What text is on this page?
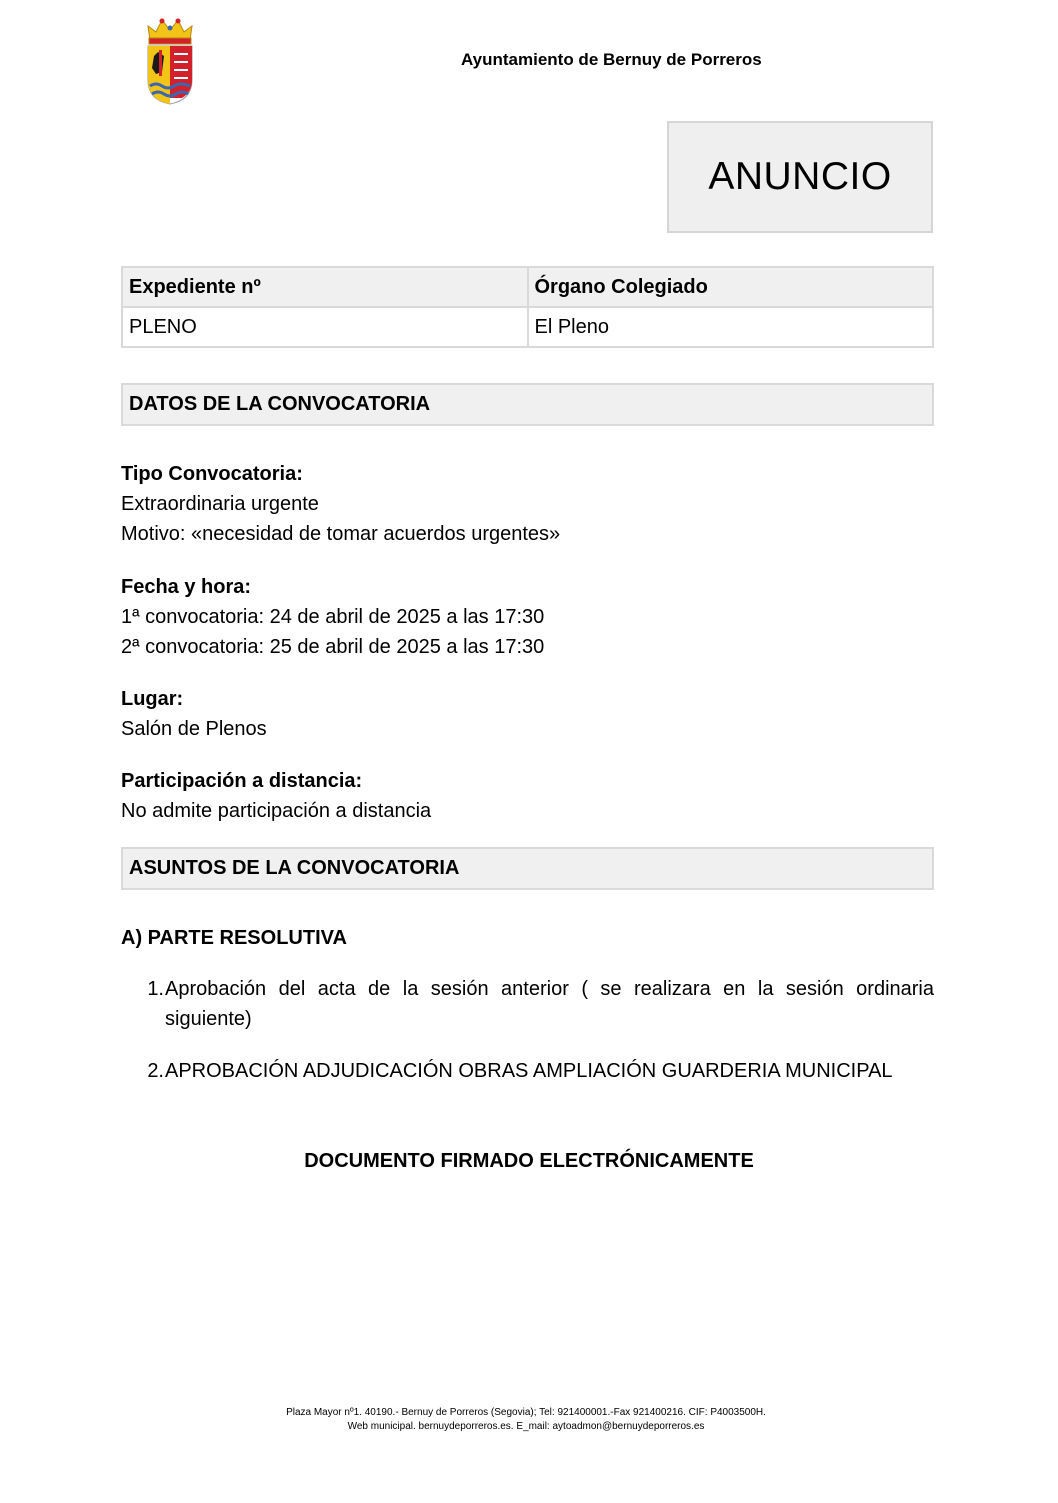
Ayuntamiento de Bernuy de Porreros
ANUNCIO
Expediente nº	Órgano Colegiado
PLENO	El Pleno
DATOS DE LA CONVOCATORIA
Tipo Convocatoria:
Extraordinaria urgente
Motivo: «necesidad de tomar acuerdos urgentes»
Fecha y hora:
1ª convocatoria: 24 de abril de 2025 a las 17:30
2ª convocatoria: 25 de abril de 2025 a las 17:30
Lugar:
Salón de Plenos
Participación a distancia:
No admite participación a distancia
ASUNTOS DE LA CONVOCATORIA
A) PARTE RESOLUTIVA
1. Aprobación del acta de la sesión anterior ( se realizara en la sesión ordinaria siguiente)
2. APROBACIÓN ADJUDICACIÓN OBRAS AMPLIACIÓN GUARDERIA MUNICIPAL
DOCUMENTO FIRMADO ELECTRÓNICAMENTE
Plaza Mayor nº1. 40190.- Bernuy de Porreros (Segovia); Tel: 921400001.-Fax 921400216. CIF: P4003500H.
Web municipal. bernuydeporreros.es. E_mail: aytoadmon@bernuydeporreros.es
